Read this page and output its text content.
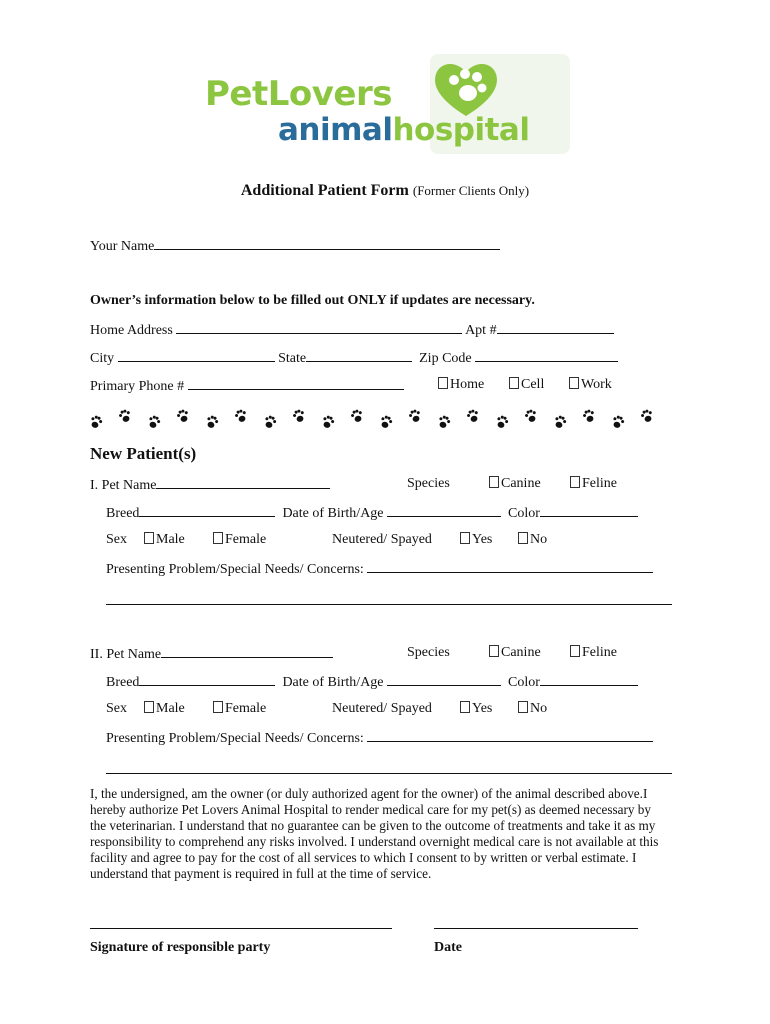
PetLovers
animalhospital
Additional Patient Form (Former Clients Only)
Your Name
Owner’s information below to be filled out ONLY if updates are necessary.
Home Address	Apt #
City	State	Zip Code
Primary Phone #	Home	Cell	Work
New Patient(s)
I. Pet Name	Species	Canine	Feline
Breed	Date of Birth/Age	Color
Sex	Male	Female	Neutered/ Spayed	Yes	No
Presenting Problem/Special Needs/ Concerns:
II. Pet Name	Species	Canine	Feline
Breed	Date of Birth/Age	Color
Sex	Male	Female	Neutered/ Spayed	Yes	No
Presenting Problem/Special Needs/ Concerns:
I, the undersigned, am the owner (or duly authorized agent for the owner) of the animal described above.I hereby authorize Pet Lovers Animal Hospital to render medical care for my pet(s) as deemed necessary by the veterinarian. I understand that no guarantee can be given to the outcome of treatments and take it as my responsibility to comprehend any risks involved. I understand overnight medical care is not available at this facility and agree to pay for the cost of all services to which I consent to by written or verbal estimate. I understand that payment is required in full at the time of service.
Signature of responsible party	Date
